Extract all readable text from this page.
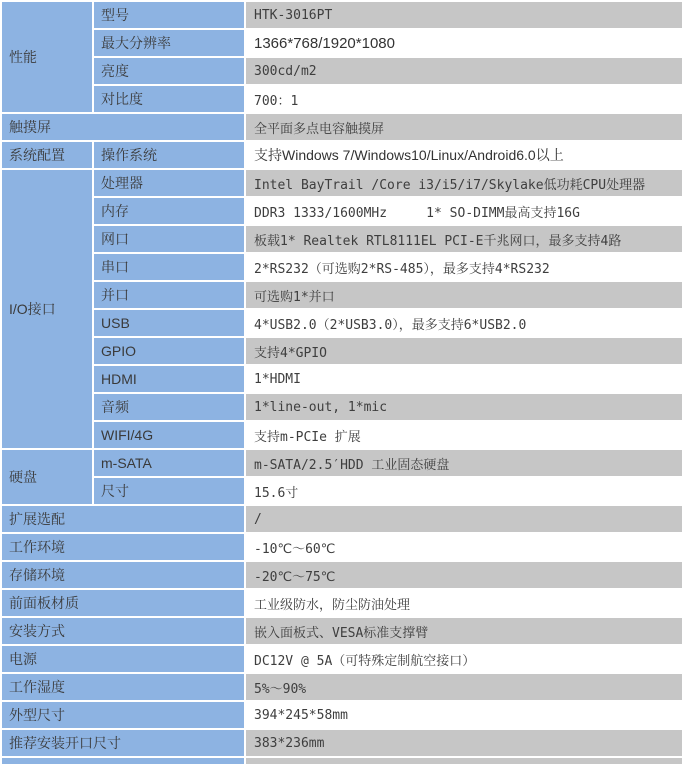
性能	型号	HTK-3016PT
	最大分辨率	1366*768/1920*1080
	亮度	300cd/m2
	对比度	700：1
触摸屏		全平面多点电容触摸屏
系统配置	操作系统	支持Windows 7/Windows10/Linux/Android6.0以上
I/O接口	处理器	Intel BayTrail /Core i3/i5/i7/Skylake低功耗CPU处理器
	内存	DDR3 1333/1600MHz     1* SO-DIMM最高支持16G
	网口	板载1* Realtek RTL8111EL PCI-E千兆网口，最多支持4路
	串口	2*RS232（可选购2*RS-485），最多支持4*RS232
	并口	可选购1*并口
	USB	4*USB2.0（2*USB3.0），最多支持6*USB2.0
	GPIO	支持4*GPIO
	HDMI	1*HDMI
	音频	1*line-out, 1*mic
	WIFI/4G	支持m-PCIe 扩展
硬盘	m-SATA	m-SATA/2.5′HDD 工业固态硬盘
	尺寸	15.6寸
扩展选配		/
工作环境		-10℃～60℃
存储环境		-20℃～75℃
前面板材质		工业级防水，防尘防油处理
安装方式		嵌入面板式、VESA标准支撑臂
电源		DC12V @ 5A（可特殊定制航空接口）
工作湿度		5%～90%
外型尺寸		394*245*58mm
推荐安装开口尺寸		383*236mm
